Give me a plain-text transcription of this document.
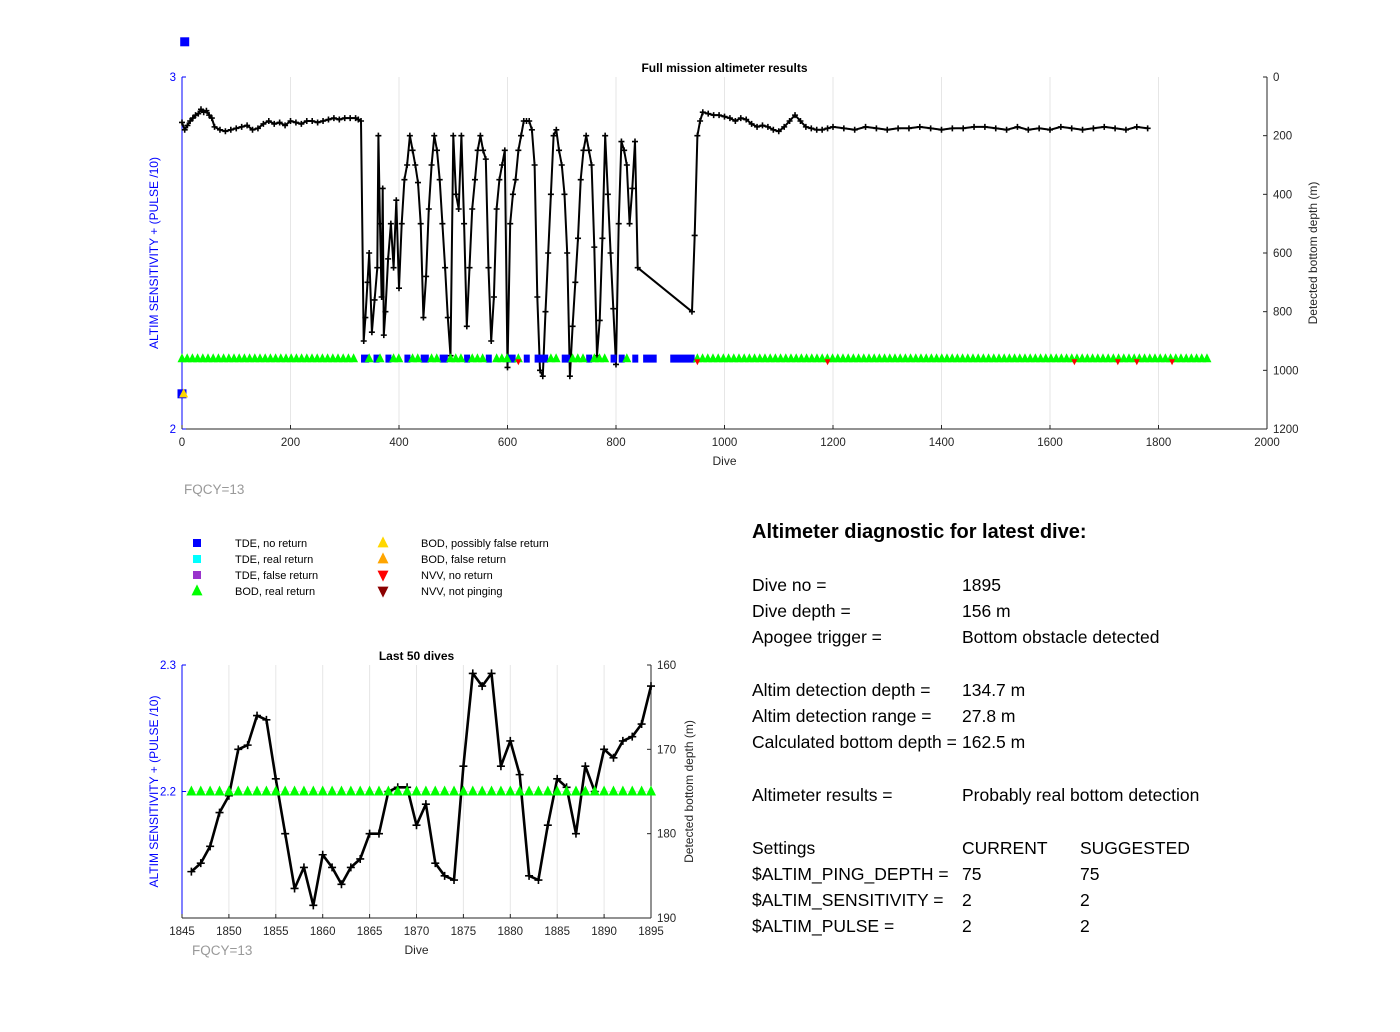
0	200	400	600	800	1000	1200	1400	1600	1800	2000
2
3	0
200
400
600
800
1000
1200
Full mission altimeter results
Dive
ALTIM SENSITIVITY + (PULSE /10)	Detected bottom depth (m)
FQCY=13
1845 1850 1855 1860 1865 1870 1875 1880 1885 1890 1895
2.2
2.3	160
170
180
190
Last 50 dives
Dive
ALTIM SENSITIVITY + (PULSE /10)	Detected bottom depth (m)
FQCY=13
TDE, no return
TDE, real return
TDE, false return
BOD, real return
BOD, possibly false return
BOD, false return
NVV, no return
NVV, not pinging
Altimeter diagnostic for latest dive:
Dive no =	1895
Dive depth =	156 m
Apogee trigger =	Bottom obstacle detected
Altim detection depth = 134.7 m
Altim detection range = 27.8 m
Calculated bottom depth = 162.5 m
Altimeter results =	Probably real bottom detection
Settings	CURRENT SUGGESTED
$ALTIM_PING_DEPTH = 75	75
$ALTIM_SENSITIVITY = 2	2
$ALTIM_PULSE =	2	2
